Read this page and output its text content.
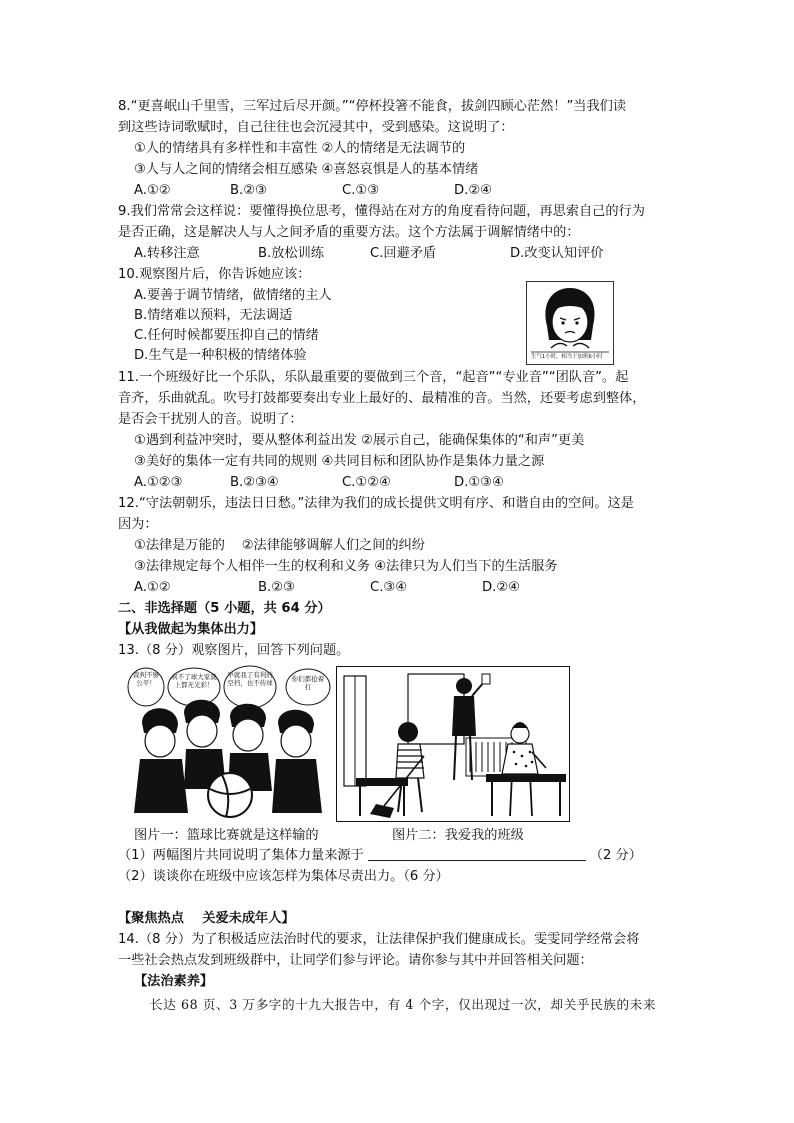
8.“更喜岷山千里雪，三军过后尽开颜。”“停杯投箸不能食，拔剑四顾心茫然！”当我们读
到这些诗词歌赋时，自己往往也会沉浸其中，受到感染。这说明了：
①人的情绪具有多样性和丰富性 ②人的情绪是无法调节的
③人与人之间的情绪会相互感染 ④喜怒哀惧是人的基本情绪
A.①②	B.②③	C.①③	D.②④
9.我们常常会这样说：要懂得换位思考，懂得站在对方的角度看待问题，再思索自己的行为
是否正确，这是解决人与人之间矛盾的重要方法。这个方法属于调解情绪中的：
A.转移注意	B.放松训练	C.回避矛盾	D.改变认知评价
10.观察图片后，你告诉她应该：
A.要善于调节情绪，做情绪的主人
B.情绪难以预料，无法调适
C.任何时候都要压抑自己的情绪
D.生气是一种积极的情绪体验	生气1小时，相当于加班6小时
11.一个班级好比一个乐队，乐队最重要的要做到三个音，“起音”“专业音”“团队音”。起
音齐，乐曲就乱。吹号打鼓都要奏出专业上最好的、最精准的音。当然，还要考虑到整体，
是否会干扰别人的音。说明了：
①遇到利益冲突时，要从整体利益出发 ②展示自己，能确保集体的“和声”更美
③美好的集体一定有共同的规则 ④共同目标和团队协作是集体力量之源
A.①②③	B.②③④	C.①②④	D.①③④
12.“守法朝朝乐，违法日日愁。”法律为我们的成长提供文明有序、和谐自由的空间。这是
因为：
①法律是万能的    ②法律能够调解人们之间的纠纷
③法律规定每个人相伴一生的权利和义务 ④法律只为人们当下的生活服务
A.①②	B.②③	C.③④	D.②④
二、非选择题（5 小题，共 64 分）
【从我做起为集体出力】
13.（8 分）观察图片，回答下列问题。
裁判不够公平！
真不了球大家就上都无光彩！
早就我了有利的空档，也不传球	你们都抢着打
图片一：篮球比赛就是这样输的	图片二：我爱我的班级
（1）两幅图片共同说明了集体力量来源于	（2 分）
（2）谈谈你在班级中应该怎样为集体尽责出力。（6 分）
【聚焦热点    关爱未成年人】
14.（8 分）为了积极适应法治时代的要求，让法律保护我们健康成长。雯雯同学经常会将
一些社会热点发到班级群中，让同学们参与评论。请你参与其中并回答相关问题：
【法治素养】
长达 68 页、3 万多字的十九大报告中，有 4 个字，仅出现过一次，却关乎民族的未来
